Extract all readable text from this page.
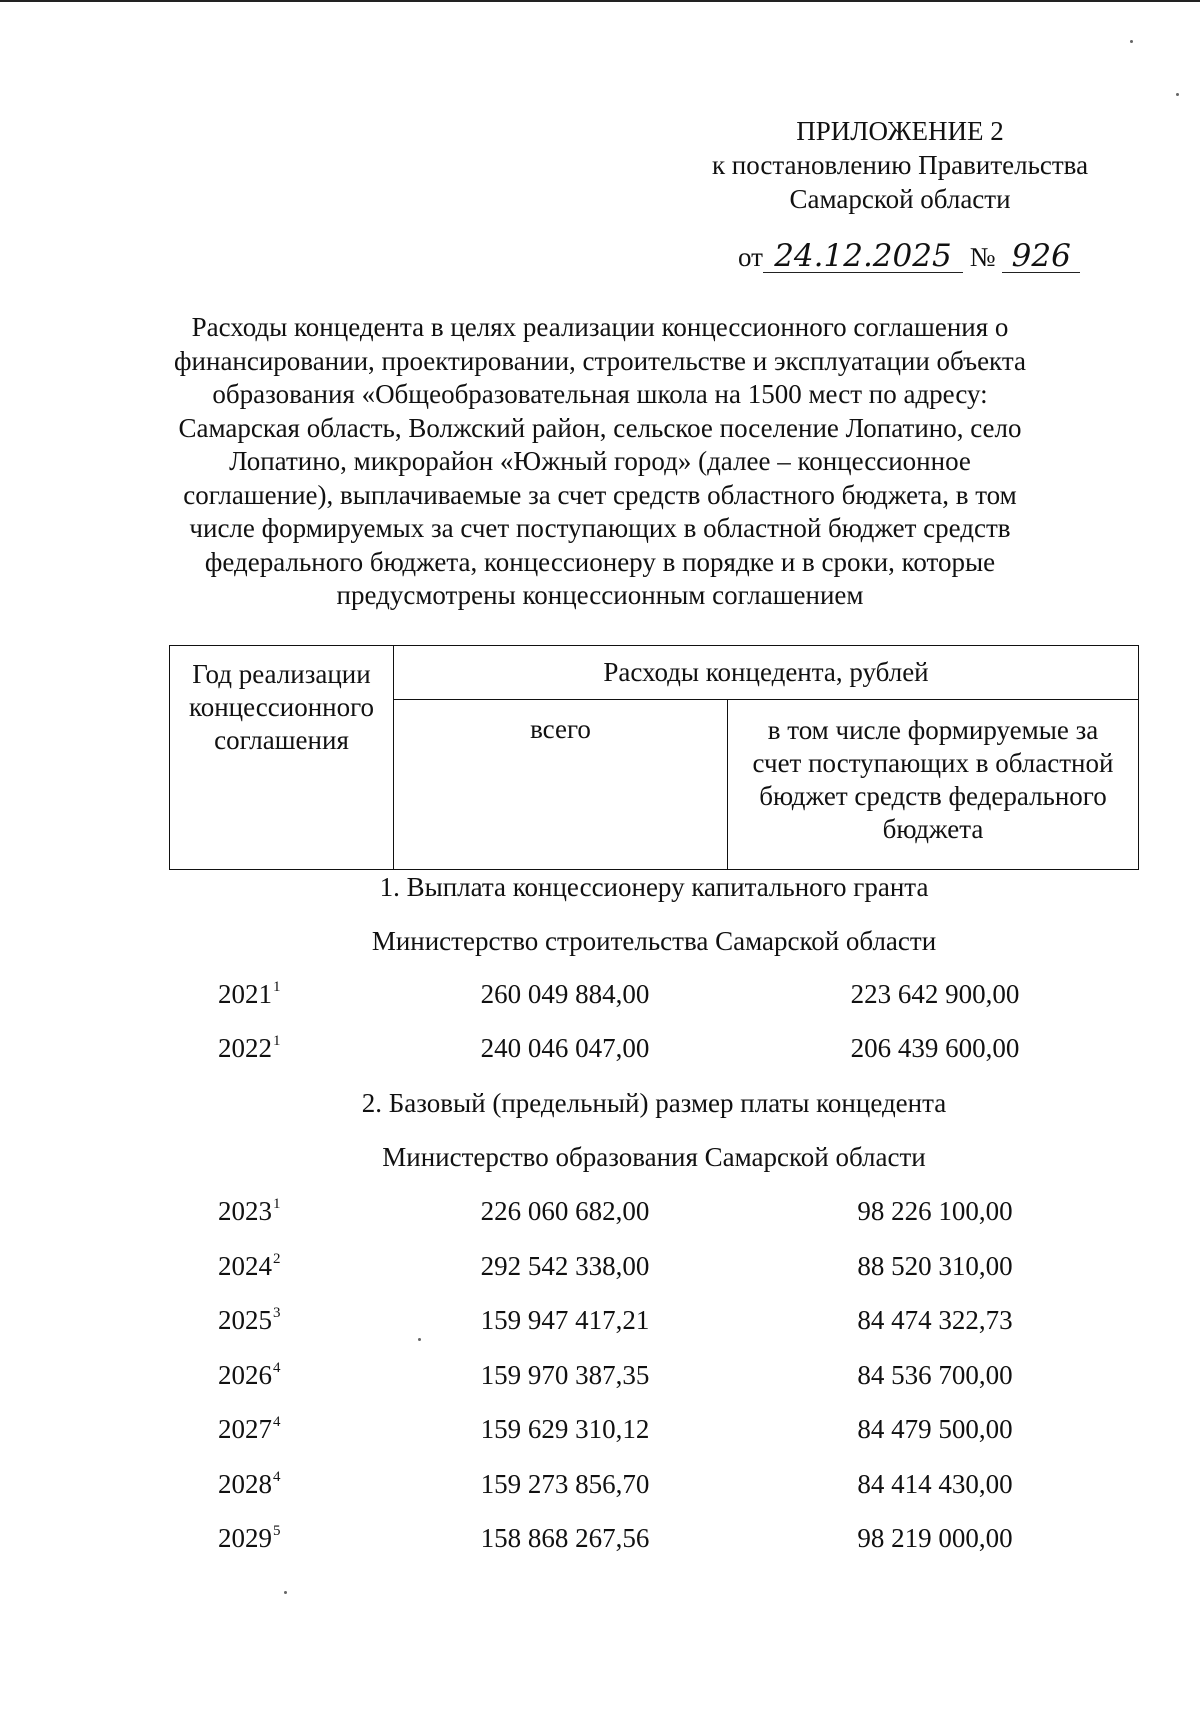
ПРИЛОЖЕНИЕ 2
к постановлению Правительства
Самарской области
от 24.12.2025 № 926
Расходы концедента в целях реализации концессионного соглашения о
финансировании, проектировании, строительстве и эксплуатации объекта
образования «Общеобразовательная школа на 1500 мест по адресу:
Самарская область, Волжский район, сельское поселение Лопатино, село
Лопатино, микрорайон «Южный город» (далее – концессионное
соглашение), выплачиваемые за счет средств областного бюджета, в том
числе формируемых за счет поступающих в областной бюджет средств
федерального бюджета, концессионеру в порядке и в сроки, которые
предусмотрены концессионным соглашением
Год реализации
концессионного
соглашения	Расходы концедента, рублей	
	всего	в том числе формируемые за
счет поступающих в областной
бюджет средств федерального
бюджета
1. Выплата концессионеру капитального гранта
Министерство строительства Самарской области
2021$^1$	260 049 884,00	223 642 900,00
2022$^1$	240 046 047,00	206 439 600,00
2. Базовый (предельный) размер платы концедента
Министерство образования Самарской области
2023$^1$	226 060 682,00	98 226 100,00
2024$^2$	292 542 338,00	88 520 310,00
2025$^3$	159 947 417,21	84 474 322,73
2026$^4$	159 970 387,35	84 536 700,00
2027$^4$	159 629 310,12	84 479 500,00
2028$^4$	159 273 856,70	84 414 430,00
2029$^5$	158 868 267,56	98 219 000,00
